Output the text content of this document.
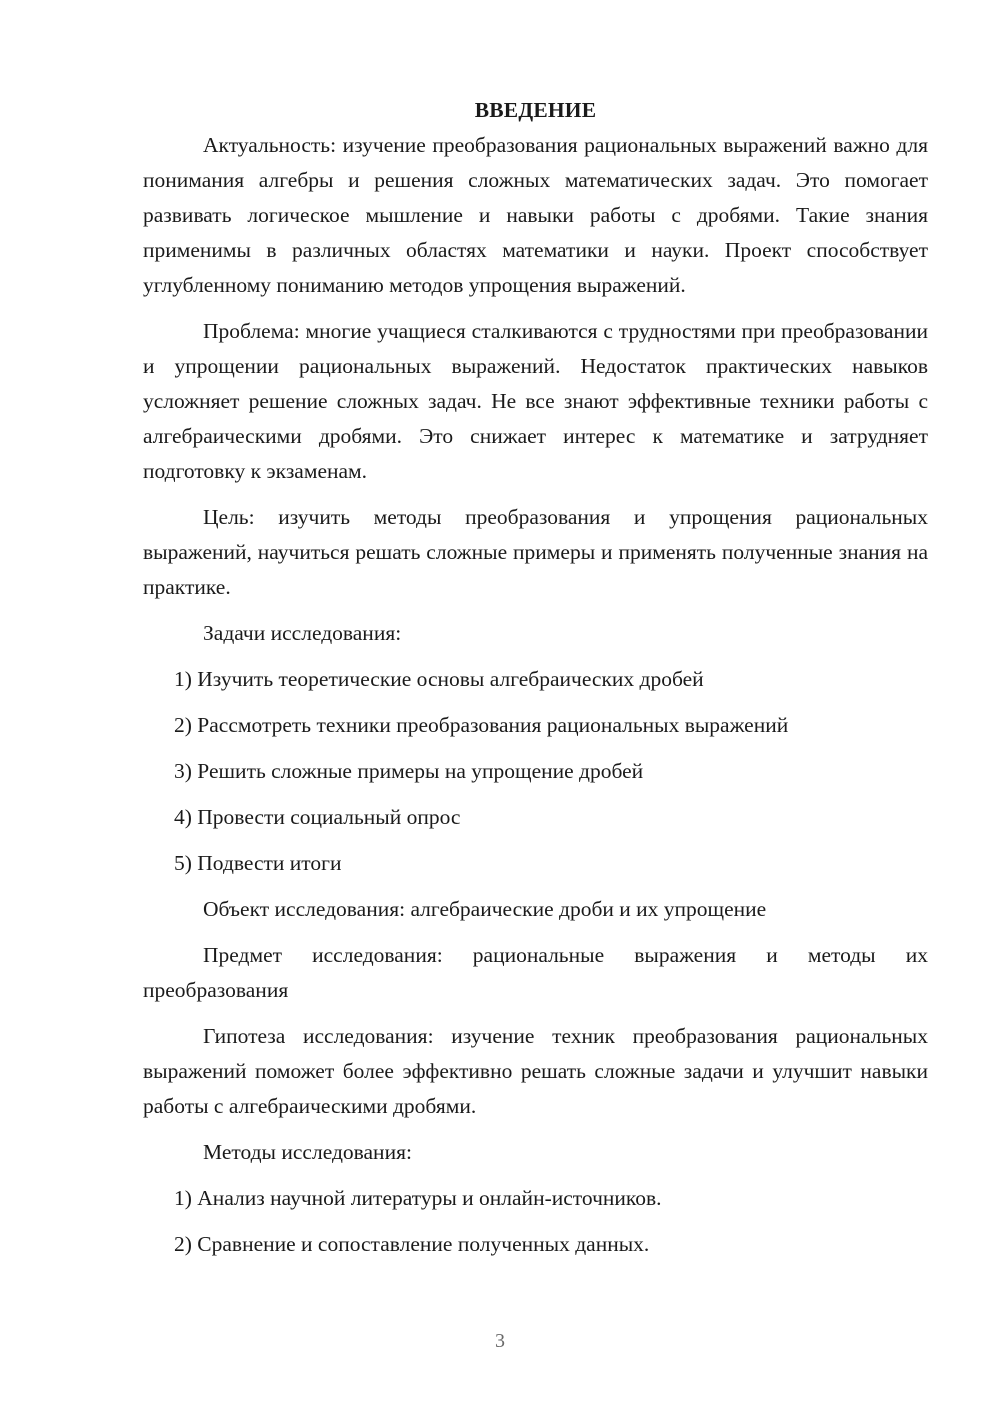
ВВЕДЕНИЕ

Актуальность: изучение преобразования рациональных выражений важно для понимания алгебры и решения сложных математических задач. Это помогает развивать логическое мышление и навыки работы с дробями. Такие знания применимы в различных областях математики и науки. Проект способствует углубленному пониманию методов упрощения выражений.

Проблема: многие учащиеся сталкиваются с трудностями при преобразовании и упрощении рациональных выражений. Недостаток практических навыков усложняет решение сложных задач. Не все знают эффективные техники работы с алгебраическими дробями. Это снижает интерес к математике и затрудняет подготовку к экзаменам.

Цель: изучить методы преобразования и упрощения рациональных выражений, научиться решать сложные примеры и применять полученные знания на практике.

Задачи исследования:

1) Изучить теоретические основы алгебраических дробей

2) Рассмотреть техники преобразования рациональных выражений

3) Решить сложные примеры на упрощение дробей

4) Провести социальный опрос

5) Подвести итоги

Объект исследования: алгебраические дроби и их упрощение

Предмет исследования: рациональные выражения и методы их преобразования

Гипотеза исследования: изучение техник преобразования рациональных выражений поможет более эффективно решать сложные задачи и улучшит навыки работы с алгебраическими дробями.

Методы исследования:

1) Анализ научной литературы и онлайн-источников.

2) Сравнение и сопоставление полученных данных.

3
